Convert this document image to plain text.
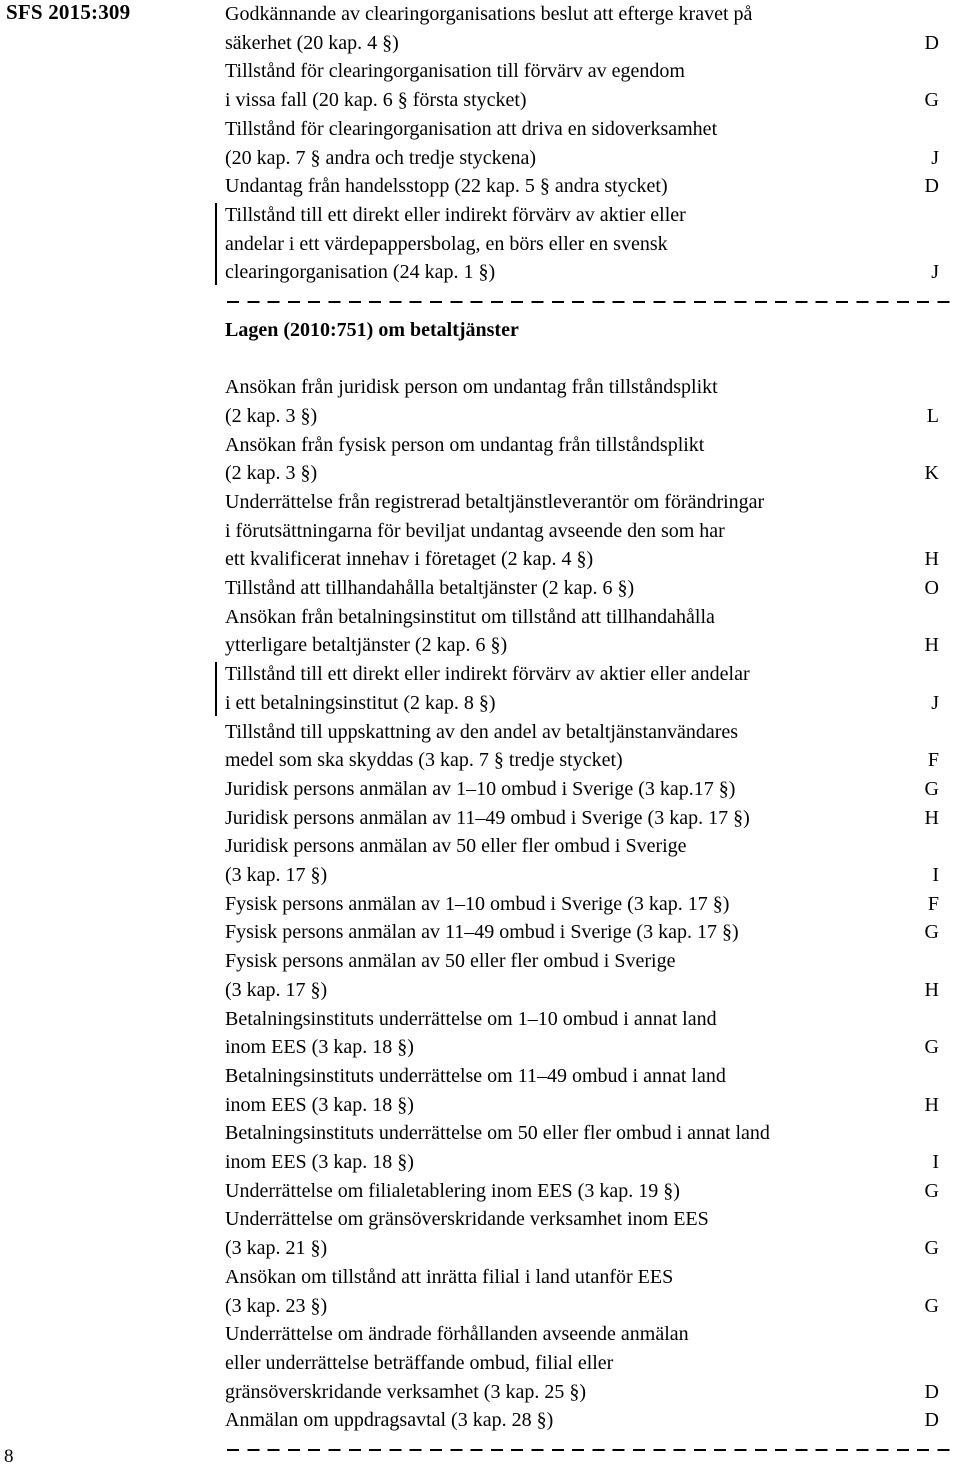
SFS 2015:309	Godkännande av clearingorganisations beslut att efterge kravet på
säkerhet (20 kap. 4 §)	D
Tillstånd för clearingorganisation till förvärv av egendom
i vissa fall (20 kap. 6 § första stycket)	G
Tillstånd för clearingorganisation att driva en sidoverksamhet
(20 kap. 7 § andra och tredje styckena)	J
Undantag från handelsstopp (22 kap. 5 § andra stycket)	D
Tillstånd till ett direkt eller indirekt förvärv av aktier eller
andelar i ett värdepappersbolag, en börs eller en svensk
clearingorganisation (24 kap. 1 §)	J
Lagen (2010:751) om betaltjänster
Ansökan från juridisk person om undantag från tillståndsplikt
(2 kap. 3 §)	L
Ansökan från fysisk person om undantag från tillståndsplikt
(2 kap. 3 §)	K
Underrättelse från registrerad betaltjänstleverantör om förändringar
i förutsättningarna för beviljat undantag avseende den som har
ett kvalificerat innehav i företaget (2 kap. 4 §)	H
Tillstånd att tillhandahålla betaltjänster (2 kap. 6 §)	O
Ansökan från betalningsinstitut om tillstånd att tillhandahålla
ytterligare betaltjänster (2 kap. 6 §)	H
Tillstånd till ett direkt eller indirekt förvärv av aktier eller andelar
i ett betalningsinstitut (2 kap. 8 §)	J
Tillstånd till uppskattning av den andel av betaltjänstanvändares
medel som ska skyddas (3 kap. 7 § tredje stycket)	F
Juridisk persons anmälan av 1–10 ombud i Sverige (3 kap.17 §)	G
Juridisk persons anmälan av 11–49 ombud i Sverige (3 kap. 17 §)	H
Juridisk persons anmälan av 50 eller fler ombud i Sverige
(3 kap. 17 §)	I
Fysisk persons anmälan av 1–10 ombud i Sverige (3 kap. 17 §)	F
Fysisk persons anmälan av 11–49 ombud i Sverige (3 kap. 17 §)	G
Fysisk persons anmälan av 50 eller fler ombud i Sverige
(3 kap. 17 §)	H
Betalningsinstituts underrättelse om 1–10 ombud i annat land
inom EES (3 kap. 18 §)	G
Betalningsinstituts underrättelse om 11–49 ombud i annat land
inom EES (3 kap. 18 §)	H
Betalningsinstituts underrättelse om 50 eller fler ombud i annat land
inom EES (3 kap. 18 §)	I
Underrättelse om filialetablering inom EES (3 kap. 19 §)	G
Underrättelse om gränsöverskridande verksamhet inom EES
(3 kap. 21 §)	G
Ansökan om tillstånd att inrätta filial i land utanför EES
(3 kap. 23 §)	G
Underrättelse om ändrade förhållanden avseende anmälan
eller underrättelse beträffande ombud, filial eller
gränsöverskridande verksamhet (3 kap. 25 §)	D
Anmälan om uppdragsavtal (3 kap. 28 §)	D
8
